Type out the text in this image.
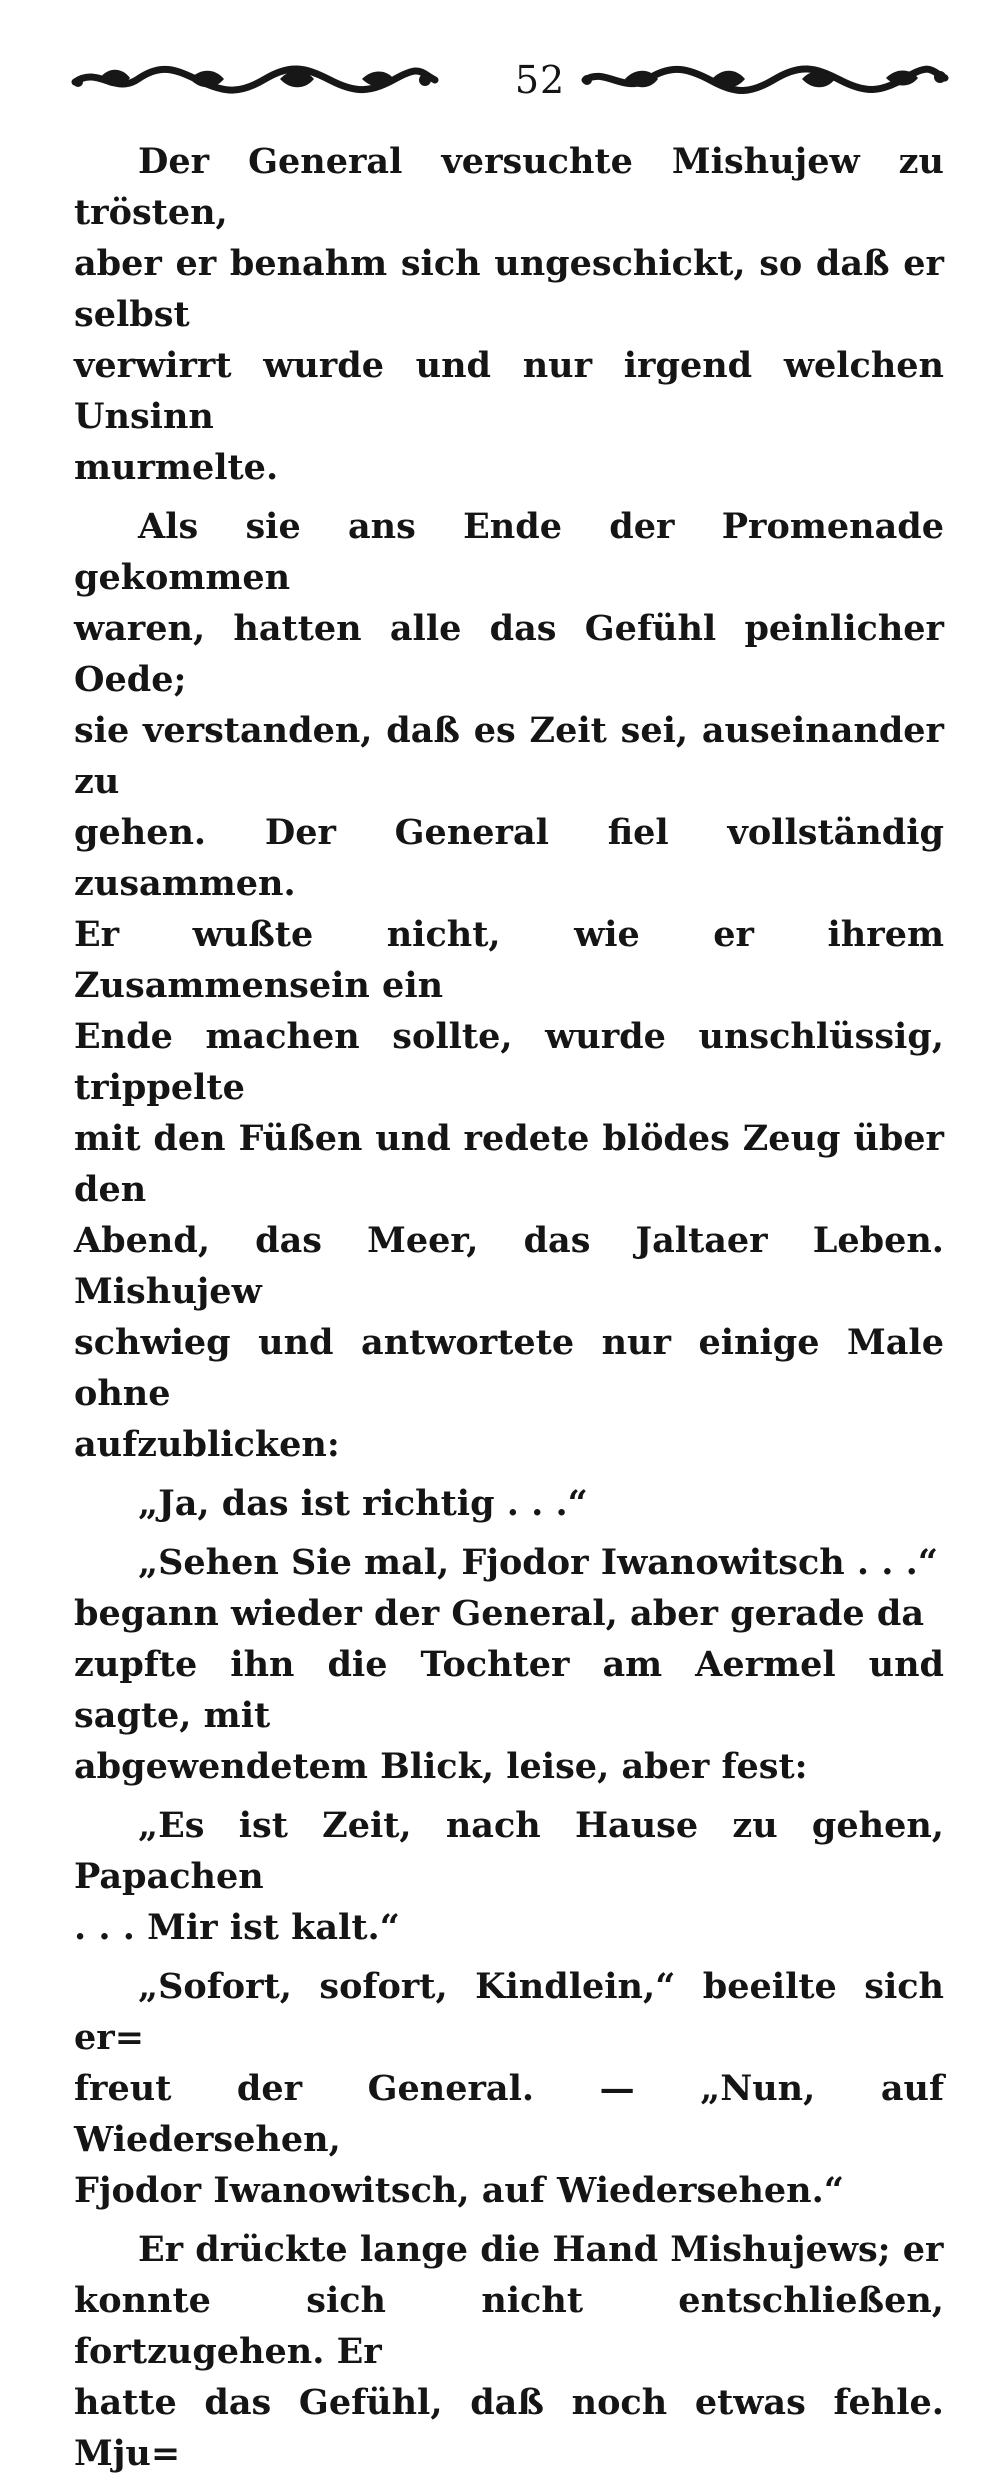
52

Der General versuchte Mishujew zu trösten,
aber er benahm sich ungeschickt, so daß er selbst
verwirrt wurde und nur irgend welchen Unsinn
murmelte.

Als sie ans Ende der Promenade gekommen
waren, hatten alle das Gefühl peinlicher Oede;
sie verstanden, daß es Zeit sei, auseinander zu
gehen. Der General fiel vollständig zusammen.
Er wußte nicht, wie er ihrem Zusammensein ein
Ende machen sollte, wurde unschlüssig, trippelte
mit den Füßen und redete blödes Zeug über den
Abend, das Meer, das Jaltaer Leben. Mishujew
schwieg und antwortete nur einige Male ohne
aufzublicken:

„Ja, das ist richtig . . .“

„Sehen Sie mal, Fjodor Iwanowitsch . . .“
begann wieder der General, aber gerade da
zupfte ihn die Tochter am Aermel und sagte, mit
abgewendetem Blick, leise, aber fest:

„Es ist Zeit, nach Hause zu gehen, Papachen
. . . Mir ist kalt.“

„Sofort, sofort, Kindlein,“ beeilte sich er=
freut der General. — „Nun, auf Wiedersehen,
Fjodor Iwanowitsch, auf Wiedersehen.“

Er drückte lange die Hand Mishujews; er
konnte sich nicht entschließen, fortzugehen. Er
hatte das Gefühl, daß noch etwas fehle. Mju=
